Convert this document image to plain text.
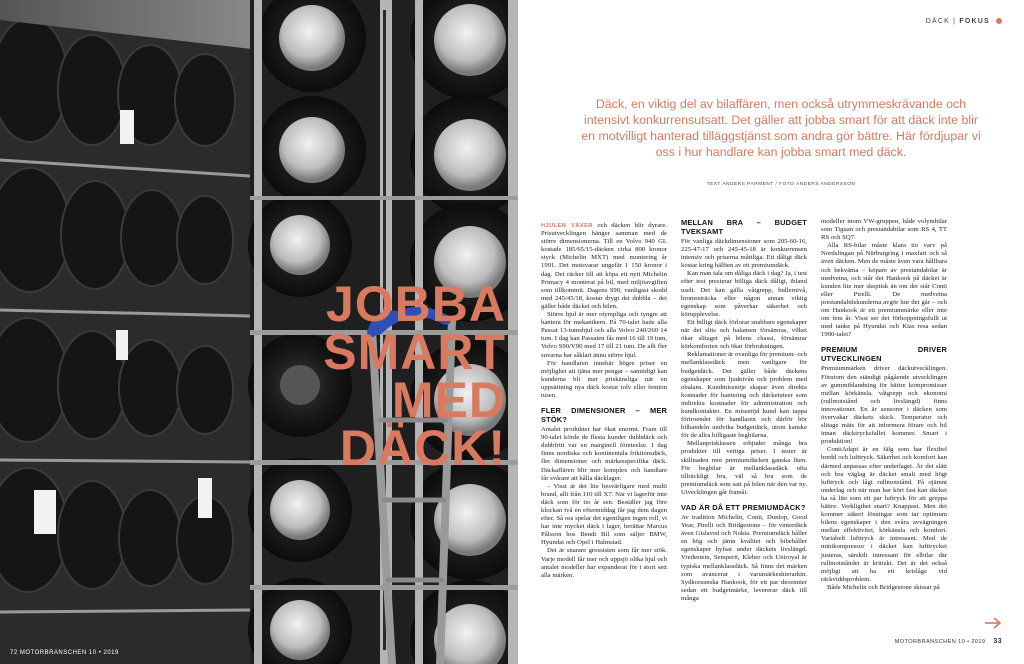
JOBBA
SMART
MED
DÄCK!
72 MOTORBRANSCHEN 10 • 2019
DÄCK | FOKUS
Däck, en viktig del av bilaffären, men också utrymmeskrävande och intensivt konkurrensutsatt. Det gäller att jobba smart för att däck inte blir en motvilligt hanterad tilläggstjänst som andra gör bättre. Här fördjupar vi oss i hur handlare kan jobba smart med däck.
TEXT ANDERS PARMENT / FOTO ANDERS ANDERSSON

HJULEN VÄXER och däcken blir dyrare. Prisutvecklingen hänger samman med de större dimensionerna. Till en Volvo 940 GL kostade 185/65/15-däcken cirka 800 kronor styck (Michelin MXT) med montering år 1991. Det motsvarar ungefär 1 150 kronor i dag. Det räcker till att köpa ett nytt Michelin Primacy 4 monterat på bil, med miljöavgiften som tillkommit. Dagens S90, vanligast skodd med 245/45/18, kostar drygt det dubbla – det gäller både däcket och bilen.

Större hjul är mer otympliga och tyngre att hantera för mekanikern. På 70-talet hade alla Passat 13-tumshjul och alla Volvo 240/260 14 tum. I dag kan Passaten fås med 16 till 19 tum, Volvo S90/V90 med 17 till 21 tum. De allt fler suvarna har såklart ännu större hjul.

För handlaren innebär högre priser en möjlighet att tjäna mer pengar – samtidigt kan kunderna bli mer priskänsliga när en uppsättning nya däck kostar tolv eller femton tusen.

FLER DIMENSIONER – MER STÖK?

Antalet produkter har ökat enormt. Fram till 90-talet körde de flesta kunder dubbdäck och dubbfritt var en marginell företeelse. I dag finns nordiska och kontinentala friktionsdäck, fler dimensioner och märkesspecifika däck. Däckaffären blir mer komplex och handlare får svårare att hålla däcklager.

– Visst är det lite besvärligare med multi brand, allt från 110 till X7. När vi lagerför inte däck som för tio år sen. Beställer jag före klockan två en eftermiddag får jag dem dagen efter. Så oss spelar det egentligen ingen roll, vi har inte mycket däck i lager, berättar Marcus Pålsson hos Bendt Bil som säljer BMW, Hyundai och Opel i Halmstad.

Det är snarare grossisten som får mer stök. Varje modell får mer och uppsjö olika hjul och antalet modeller har expanderat för i stort sett alla märken.

MELLAN BRA – BUDGET TVEKSAMT

För vanliga däckdimensioner som 205-60-16, 225-47-17 och 245-45-18 är konkurrensen intensiv och priserna måttliga. Ett dåligt däck kostar kring hälften av ett premiumdäck.

Kan man tala om dåliga däck i dag? Ja, i test efter test presterar billiga däck dåligt, ibland uselt. Det kan gälla våtgrepp, bullernivå, bromssträcka eller någon annan viktig egenskap som påverkar säkerhet och körupplevelse.

Ett billigt däck förlorar snabbare egenskaper när det slits och balansen försämras, vilket ökar slitaget på bilens chassi, försämrar körkomforten och ökar förbrukningen.

Reklamationer är ovanliga för premium- och mellanklassdäck men vanligare för budgetdäck. Det gäller både däckens egenskaper som ljudnivån och problem med obalans. Kundmissnöje skapar även direkta kostnader för hantering och däcketuteer som indirekta kostnader för administration och kundkontakter. En missnöjd kund kan tappa förtroendet för handlaren och därför bör bilhandeln undvika budgetdäck, utom kanske för de allra billigaste begbilarna.

Mellanprisklassen erbjuder många bra produkter till vettiga priser. I tester är skillnaden mot premiumdäcken ganska liten. För begbilar är mellanklassdäck ofta tillräckligt bra, väl så bra som de premiumdäck som satt på bilen när den var ny. Utvecklingen går framåt.

VAD ÄR DÅ ETT PREMIUMDÄCK?

Av tradition Michelin, Conti, Dunlop, Good Year, Pirelli och Bridgestone – för vinterdäck även Gislaved och Nokia. Premiumdäck håller en hög och jämn kvalitet och bibehåller egenskaper hyfsat under däckets livslängd. Vredestein, Semperit, Kleber och Uniroyal är typiska mellanklassdäck. Så finns det märken som avancerar i varumärkeshierarkin. Sydkoreanska Hankook, för ett par decennier sedan ett budgetmärke, levererar däck till många

modeller inom VW-gruppen, både volymbilar som Tiguan och prestandabilar som RS 4, TT RS och SQ7.

Alla RS-bilar måste klara tio varv på Nordslingan på Nürburgring i maxfart och så även däcken. Men de måste även vara hållbara och bekväma – köpare av prestandabilar är medvetna, och står det Hankook på däcket är kunden lite mer skeptisk än om det står Conti eller Pirelli. De medvetna prestandabilskunderna avgör hur det går – och om Hankook är ett premiummärke eller inte om fem år. Visst ser det förhoppningsfullt ut med tanke på Hyundai och Kias resa sedan 1990-talet?

PREMIUM DRIVER UTVECKLINGEN

Premiummärken driver däckutvecklingen. Förutom den ständigt pågående utvecklingen av gummiblandning för bättre kompromisser mellan körkänsla, våtgrepp och ekonomi (rullmotstånd och livslängd) finns innovationer. En är sensorer i däcken som övervakar däckets skick. Temperatur och slitage mäts för att informera förare och bil innan däcktrycksfallet kommer. Smart i produktion!

ContiAdapt är en fälg som har flexibel bredd och lufttryck. Säkerhet och komfort kan därmed anpassas efter underlaget. Är det slätt och bra väglag är däcket smalt med högt lufttryck och lågt rullmotstånd. På ojämnt underlag och när man har kört fast kan däcket ha så lite som ett par luftryck för att greppa bättre. Verkligthet snart? Knappast. Men det kommer säkert lösningar som tar optimum bilens egenskaper i den svåra avvägningen mellan effektivitet, körkänsla och komfort. Variabelt lufttryck är intressant. Med de minikompressor i däcket kan lufttrycket justeras, särskilt intressant för elbilar där rullmotståndet är kritiskt. Det är det också möjligt att ha ett krislåge vid räckviddsproblem.

Både Michelin och Bridgestone skissar på

MOTORBRANSCHEN 10 • 2019 33
